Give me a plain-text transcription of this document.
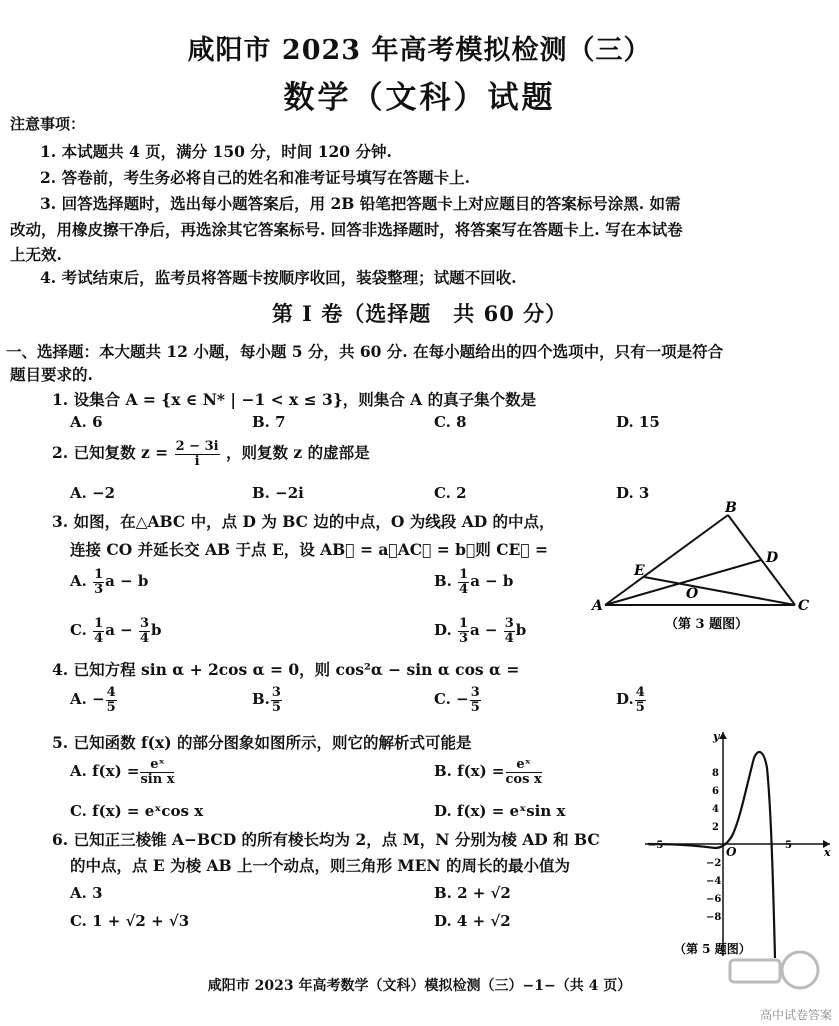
咸阳市 2023 年高考模拟检测（三）
数学（文科）试题
注意事项：
1. 本试题共 4 页，满分 150 分，时间 120 分钟.
2. 答卷前，考生务必将自己的姓名和准考证号填写在答题卡上.
3. 回答选择题时，选出每小题答案后，用 2B 铅笔把答题卡上对应题目的答案标号涂黑. 如需
改动，用橡皮擦干净后，再选涂其它答案标号. 回答非选择题时，将答案写在答题卡上. 写在本试卷
上无效.
4. 考试结束后，监考员将答题卡按顺序收回，装袋整理；试题不回收.
第 Ⅰ 卷（选择题　共 60 分）
一、选择题：本大题共 12 小题，每小题 5 分，共 60 分. 在每小题给出的四个选项中，只有一项是符合
题目要求的.
1. 设集合 A = {x ∈ N* | −1 < x ≤ 3}，则集合 A 的真子集个数是
A. 6	B. 7	C. 8	D. 15
2. 已知复数 $z = \frac{2 - 3i}{i}$ ，则复数 z 的虚部是
A. −2	B. −2i	C. 2	D. 3
3. 如图，在△ABC 中，点 D 为 BC 边的中点，O 为线段 AD 的中点，
连接 CO 并延长交 AB 于点 E，设 AB⃗ = a，AC⃗ = b，则 CE⃗ =
A. $\frac{1}{3}$ a − b	B. $\frac{1}{4}$ a − b
C. $\frac{1}{4}$ $a - \frac{3}{4}$ b	D. $\frac{1}{3}$ $a - \frac{3}{4}$ b
B
A	C
D
E
O
（第 3 题图）
4. 已知方程 sin α + 2cos α = 0，则 cos²α − sin α cos α =
A. − $\frac{4}{5}$	B. $\frac{3}{5}$	C. − $\frac{3}{5}$	D. $\frac{4}{5}$
5. 已知函数 f(x) 的部分图象如图所示，则它的解析式可能是
A. $f(x) = \frac{\text{eˣ}}{\text{sin x}}$	B. $f(x) = \frac{\text{eˣ}}{\text{cos x}}$
C. f(x) = eˣcos x	D. f(x) = eˣsin x
y
x
O
−5	5
8
6
4
2
−2
−4
−6
−8
（第 5 题图）
6. 已知正三棱锥 A−BCD 的所有棱长均为 2，点 M，N 分别为棱 AD 和 BC
的中点，点 E 为棱 AB 上一个动点，则三角形 MEN 的周长的最小值为
A. 3	B. 2 + √2
C. 1 + √2 + √3	D. 4 + √2
咸阳市 2023 年高考数学（文科）模拟检测（三）−1−（共 4 页）
高中试卷答案
